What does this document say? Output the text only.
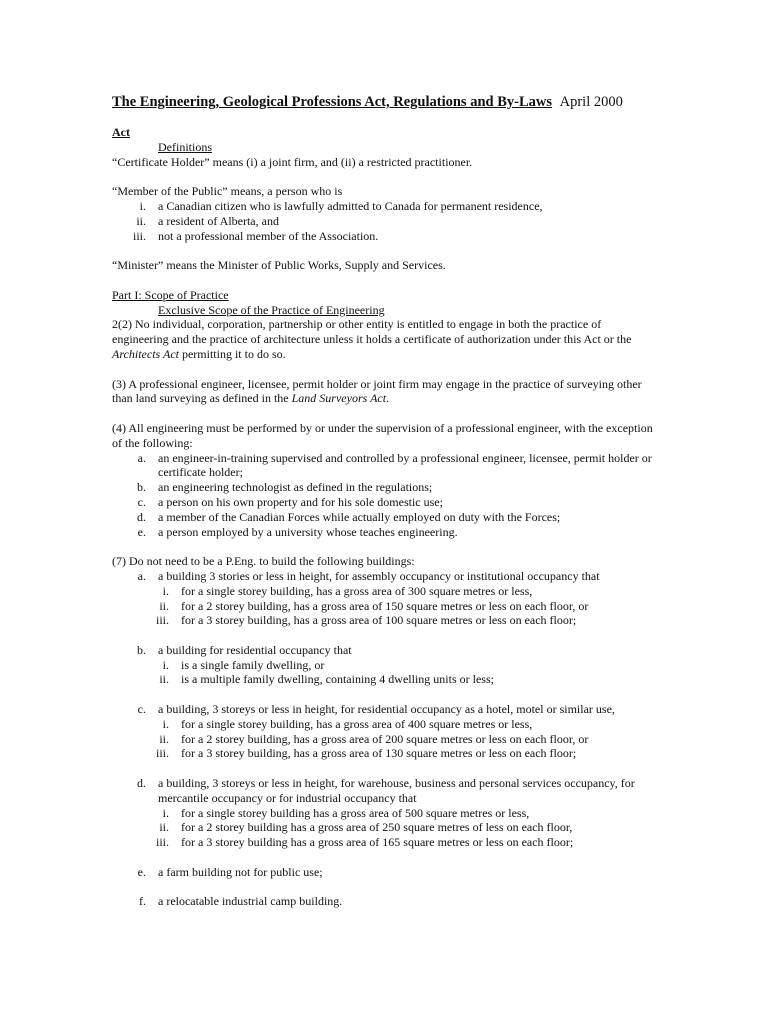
The Engineering, Geological Professions Act, Regulations and By-Laws April 2000

Act

Definitions

“Certificate Holder” means (i) a joint firm, and (ii) a restricted practitioner.

“Member of the Public” means, a person who is

i. a Canadian citizen who is lawfully admitted to Canada for permanent residence,
ii. a resident of Alberta, and
iii. not a professional member of the Association.

“Minister” means the Minister of Public Works, Supply and Services.

Part I: Scope of Practice

Exclusive Scope of the Practice of Engineering

2(2) No individual, corporation, partnership or other entity is entitled to engage in both the practice of engineering and the practice of architecture unless it holds a certificate of authorization under this Act or the Architects Act permitting it to do so.

(3) A professional engineer, licensee, permit holder or joint firm may engage in the practice of surveying other than land surveying as defined in the Land Surveyors Act.

(4) All engineering must be performed by or under the supervision of a professional engineer, with the exception of the following:

a. an engineer-in-training supervised and controlled by a professional engineer, licensee, permit holder or certificate holder;
b. an engineering technologist as defined in the regulations;
c. a person on his own property and for his sole domestic use;
d. a member of the Canadian Forces while actually employed on duty with the Forces;
e. a person employed by a university whose teaches engineering.

(7) Do not need to be a P.Eng. to build the following buildings:

a. a building 3 stories or less in height, for assembly occupancy or institutional occupancy that
i. for a single storey building, has a gross area of 300 square metres or less,
ii. for a 2 storey building, has a gross area of 150 square metres or less on each floor, or
iii. for a 3 storey building, has a gross area of 100 square metres or less on each floor;
b. a building for residential occupancy that
i. is a single family dwelling, or
ii. is a multiple family dwelling, containing 4 dwelling units or less;
c. a building, 3 storeys or less in height, for residential occupancy as a hotel, motel or similar use,
i. for a single storey building, has a gross area of 400 square metres or less,
ii. for a 2 storey building, has a gross area of 200 square metres or less on each floor, or
iii. for a 3 storey building, has a gross area of 130 square metres or less on each floor;
d. a building, 3 storeys or less in height, for warehouse, business and personal services occupancy, for mercantile occupancy or for industrial occupancy that
i. for a single storey building has a gross area of 500 square metres or less,
ii. for a 2 storey building has a gross area of 250 square metres of less on each floor,
iii. for a 3 storey building has a gross area of 165 square metres or less on each floor;
e. a farm building not for public use;
f. a relocatable industrial camp building.
